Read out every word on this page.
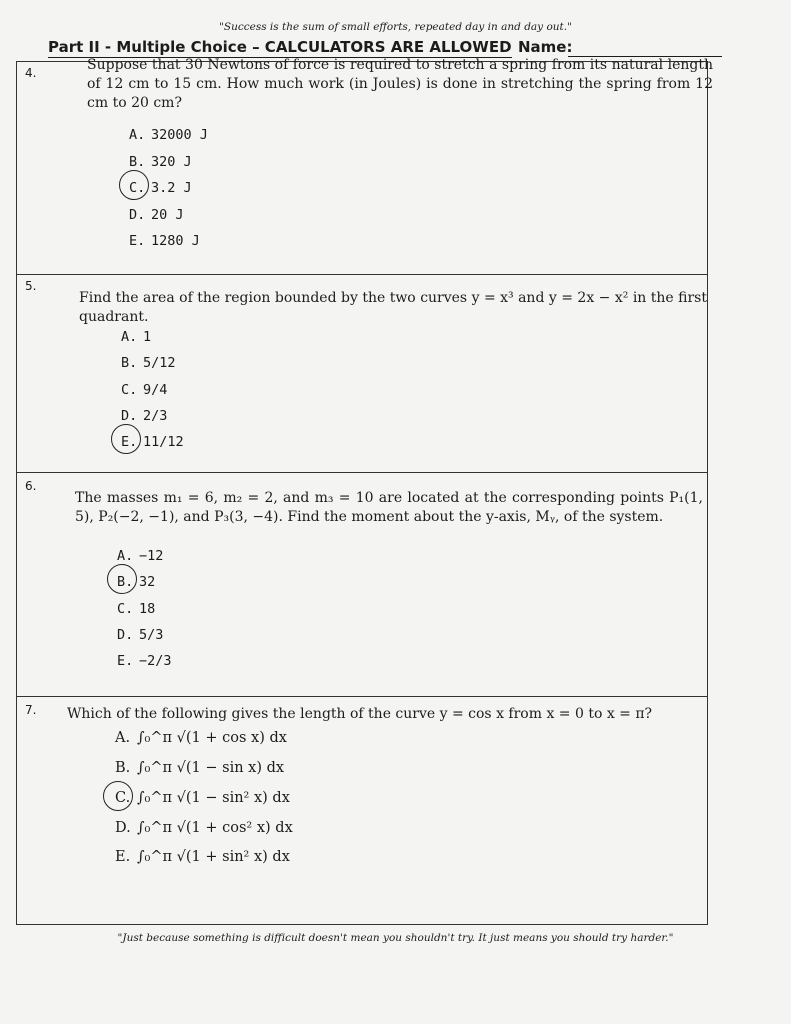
"Success is the sum of small efforts, repeated day in and day out."
Part II - Multiple Choice – CALCULATORS ARE ALLOWED Name:
4.	Suppose that 30 Newtons of force is required to stretch a spring from its natural length of 12 cm to 15 cm. How much work (in Joules) is done in stretching the spring from 12 cm to 20 cm?
A. 32000 J
B. 320 J
C. 3.2 J
D. 20 J
E. 1280 J
5.
Find the area of the region bounded by the two curves y = x³ and y = 2x − x² in the first quadrant.
A. 1
B. 5/12
C. 9/4
D. 2/3
E. 11/12
6.
The masses m₁ = 6, m₂ = 2, and m₃ = 10 are located at the corresponding points P₁(1, 5), P₂(−2, −1), and P₃(3, −4). Find the moment about the y-axis, Mᵧ, of the system.
A. −12
B. 32
C. 18
D. 5/3
E. −2/3
7. Which of the following gives the length of the curve y = cos x from x = 0 to x = π?
A. ∫₀^π √(1 + cos x) dx
B. ∫₀^π √(1 − sin x) dx
C. ∫₀^π √(1 − sin² x) dx
D. ∫₀^π √(1 + cos² x) dx
E. ∫₀^π √(1 + sin² x) dx
"Just because something is difficult doesn't mean you shouldn't try. It just means you should try harder."
